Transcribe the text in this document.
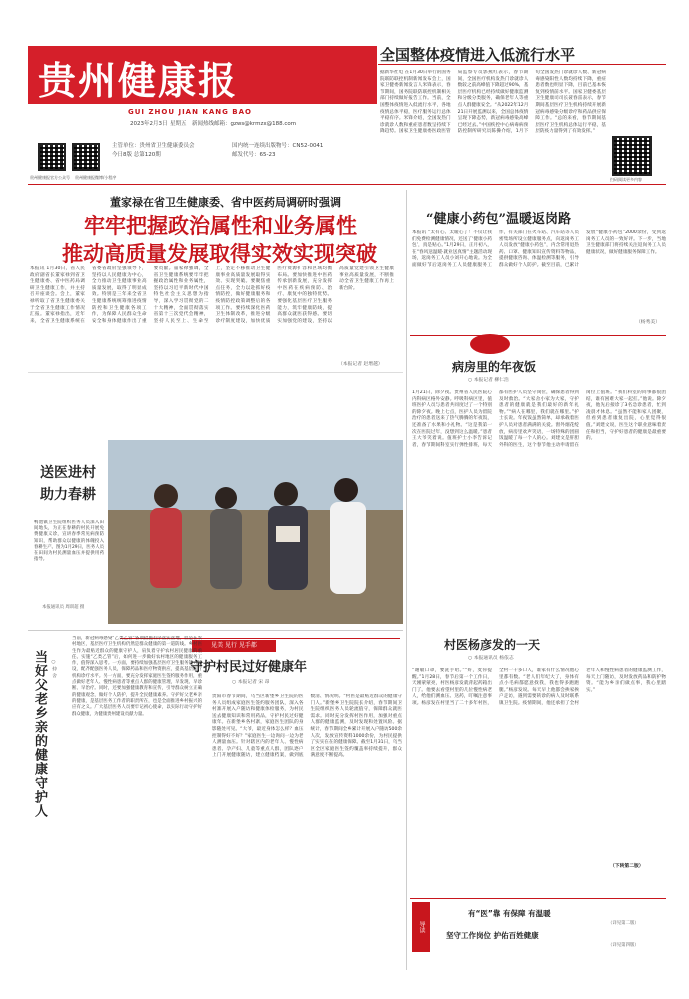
贵州健康报
GUI ZHOU JIAN KANG BAO
2023年2月3日 星期五 新闻热线邮箱：gzws@krmzx@188.com
贵州健康报官方公众号 贵州健康报微博/小程序
主管单位：贵州省卫生健康委员会
今日8版 总第120期
国内统一连续出版物号：CN52-0041
邮发代号：65-23
全国整体疫情进入低流行水平
据新华社电 在1月30日举行的国务院联防联控机制新闻发布会上，国家卫健委新闻发言人米锋表示，春节期间，国务院联防联控机制相关部门持续做好报告工作。当前，全国整体疫情进入低流行水平，各地疫情总体平稳，医疗服务运行总体平稳有序。米锋介绍，全国发热门诊就诊人数和重症患者数呈持续下降趋势。国家卫生健康委医政医管局监察专员郭燕红表示，春节期间，全国医疗机构发热门诊就诊人数较之前高峰值下降超过90%，基层医疗机构已经持续做好健康监测和分级分类服务，确保老年人等重点人群健康安全。“从2022年12月21日开展监测以来，全国总体疫情呈现下降态势，新冠病毒感染高峰已经过去。”中国疾控中心病毒病预防控制所研究员陈操介绍，1月下旬全国发热门诊就诊人数、新冠病毒感染阳性人数均持续下降，重症患者数也明显下降，目前已基本恢复到疫情前水平。国家卫健委基层卫生健康司司长聂春雷表示，春节期间基层医疗卫生机构持续开展新冠病毒感染分级诊疗和药品供应保障工作。“总的来看，春节期间基层医疗卫生机构总体运行平稳，基层防疫力量得到了有效发挥。”
扫码阅读更多内容
董家禄在省卫生健康委、省中医药局调研时强调
牢牢把握政治属性和业务属性
推动高质量发展取得实效实现突破
本报讯 1月30日，省人民政府副省长董家禄到省卫生健康委、省中医药局调研卫生健康工作，并主持召开座谈会。会上，董家禄听取了省卫生健康委关于全省卫生健康工作情况汇报。董家禄指出，近年来，全省卫生健康系统在省委省政府坚强领导下，坚持以人民健康为中心，全力推动卫生健康事业高质量发展，取得了明显成效。特别是三年来全省卫生健康系统统筹推进疫情防控和卫生健康各项工作，为保障人民群众生命安全和身体健康作出了重要贡献。董家禄强调，全省卫生健康系统要牢牢把握政治属性和业务属性，坚持以习近平新时代中国特色社会主义思想为指导，深入学习贯彻党的二十大精神，全面贯彻落实省第十三次党代会精神，坚持人民至上、生命至上，坚定不移推动卫生健康事业高质量发展取得实效、实现突破。要聚焦重点任务，全力以赴抓好疫情防控，做好健康服务和疫情防控政策调整后的各项工作。要持续深化医药卫生体制改革，推进分级诊疗制度建设，加快优质医疗资源扩容和区域均衡布局。要加快推进中医药传承创新发展，充分发挥中医药在疾病预防、治疗、康复中的独特优势。要强化基层医疗卫生服务能力，筑牢健康防线，提高群众就医获得感。要切实加强党的建设，坚持以高质量党建引领卫生健康事业高质量发展，不断推动全省卫生健康工作再上新台阶。
（本报记者 赵增越）
送医进村
助力春耕
鸭池镇卫生院组织医务人员深入田间地头，为正在春耕的村民开展免费健康义诊，宣讲春季常见病预防知识，帮助群众以健康的体魄投入春耕生产。图为1月29日，医务人员在田间为村民测量血压并提供用药指导。
本报通讯员 周训超 摄
“健康小药包”温暖返岗路
本报讯 “太有心、太暖心了！不仅让我们免费检测健康情况，还送了‘健康小药包’，真是贴心。”1月29日，正月初八，在“春风送温暖·就业送真情”主题活动现场，返岗务工人员小刘开心地说。为全面做好节后返岗务工人员健康服务工作，有关部门在火车站、汽车站等人员密集场所设立健康服务点，向返岗务工人员发放“健康小药包”，内含常用退热药、口罩、健康知识宣传资料等物品，提供健康咨询、体温检测等服务，引导群众做好个人防护。截至目前，已累计发放“健康小药包”2000余份，受到返岗务工人员的一致好评。下一步，当地卫生健康部门将持续关注返岗务工人员健康状况，做好健康服务保障工作。
（杨秀美）
病房里的年夜饭
○ 本报记者 柳仁浩
1月21日，除夕夜。贵州省人民医院心内科病区格外安静。呼吸科病区里，值班医护人员与患者共同度过了一个特别的除夕夜。晚上七点，医护人员为留院治疗的患者送来了热气腾腾的年夜饭，还准备了水果和小礼物。“这是我第一次在医院过年，没想到这么温暖。”患者王大爷笑着说。值班护士小李告诉记者，春节期间科室实行弹性排班，每天都有医护人员坚守岗位，确保患者得到及时救治。“大家舍小家为大家，守护患者的健康就是我们最好的新年礼物。”“病人在哪里，我们就在哪里。”护士长说。年夜饭虽然简单，却承载着医护人员对患者满满的关爱。窗外烟花绽放，病房里欢声笑语，一场特殊的团圆饭温暖了每一个人的心。刘建文是肝胆外科的医生，这个春节他主动申请留在岗位上值班。“我们科室的同事都很团结，谁有困难大家一起扛。”他说。除夕夜，他先后接诊了3名急诊患者，忙到凌晨才休息。“虽然不能和家人团聚，但看到患者康复出院，心里觉得很值。”刘建文说，医生这个职业意味着责任和担当，守护好患者的健康是最重要的。
村医杨彦发的一天
○ 本报通讯员 杨依志
“谢敏口罩，要洗手哈。”“好，麦你提醒。”1月28日，春节后第一个工作日，天刚蒙蒙亮，村医杨彦发就背起药箱出门了。他要去看望村里的几位慢性病老人，给他们测血压、送药，叮嘱注意事项。杨彦发在村里当了二十多年村医，全村一千多口人，谁家有什么情况他心里都有数。“老人们年纪大了，身体有点小毛病都愿意找我，我也得多跑跑腿。”杨彦发说。每天早上他都会挨家挨户走访，遇到需要转诊的病人及时联系镇卫生院。疫情期间，他还承担了全村老年人和慢性病患者的健康监测工作，每天上门随访，及时发放药品和防护物资。“能为乡亲们做点事，我心里踏实。”
（下转第二版）
导读
有“医”靠 有保障 有温暖
（详见第二版）
坚守工作岗位 护佑百姓健康
（详见第四版）
见美 见行 见手都
守护村民过好健康年
○ 本报记者 宋 昂
贵阳市春节期间，乌当区新堡乡卫生院的医务人员组成家庭医生签约服务团队，深入各村寨开展入户随访和健康体检服务，为村民送去健康知识和常用药品，守护村民过好健康年。在新堡乡各村寨，家庭医生团队的身影随处可见。“大爷，最近身体怎么样？血压控制得好不好？”家庭医生一边询问一边为老人测量血压。针对辖区内的老年人、慢性病患者、孕产妇、儿童等重点人群，团队逐户上门开展健康随访，建立健康档案，做到底数清、情况明。“村医是最贴近群众的健康守门人。”新堡乡卫生院院长介绍，春节期间卫生院组织医务人员轮流值守，保障群众就医需求。同时充分发挥村医作用，加强对重点人群的健康监测，及时发现和处置风险。据统计，春节期间全乡累计开展入户随访500余人次，发放宣传资料1000余份，为村民提供了实实在在的健康保障。截至1月31日，乌当区全区家庭医生签约覆盖率持续提升，群众满意度不断提高。
当好父老乡亲的健康守护人 ○ 仲 舍
当前，新冠病毒感染“乙类乙管”各项措施有序落实落地，但是在农村地区，基层医疗卫生机构仍然是群众健康的第一道防线。乡村医生作为最贴近群众的健康守护人，肩负着守护农村居民健康的重任。实施“乙类乙管”后，如何进一步做好农村地区的健康服务工作，值得深入思考。一方面，要持续加强基层医疗卫生服务能力建设，配齐配强医务人员，保障药品和医疗物资供应，提高基层医疗机构诊疗水平。另一方面，要充分发挥家庭医生签约服务作用，重点做好老年人、慢性病患者等重点人群的健康管理，早发现、早诊断、早治疗。同时，还要加强健康教育和宣传，引导群众树立正确的健康观念，做好个人防护，提升全民健康素养。守护好父老乡亲的健康，是基层医务工作者的职责所在，也是全面推进乡村振兴的应有之义。广大基层医务人员要牢记初心使命，以实际行动守护好群众健康，为健康贵州建设贡献力量。
